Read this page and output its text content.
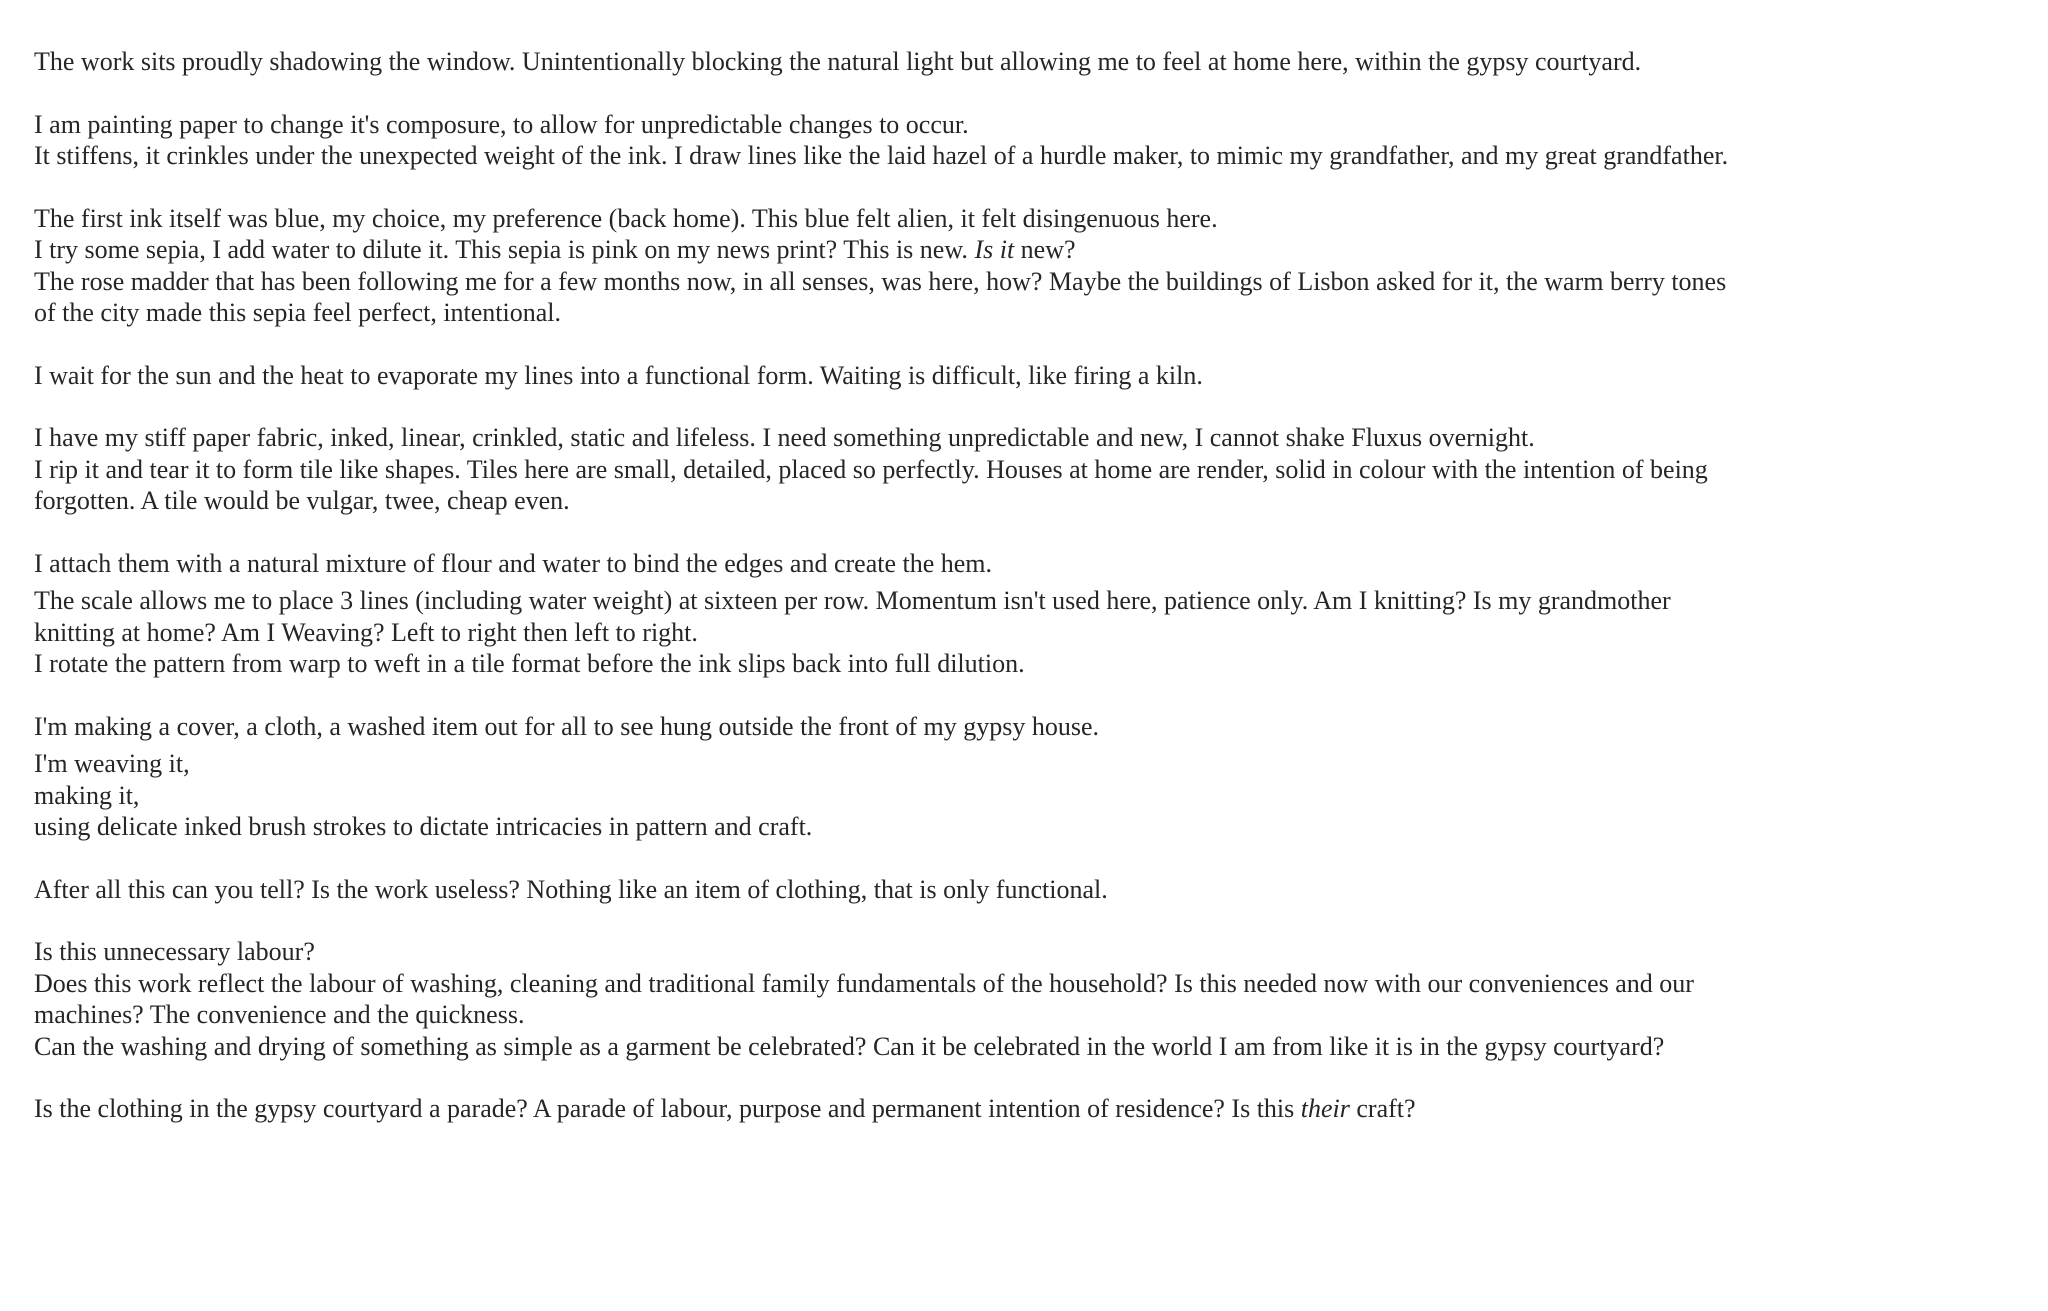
The work sits proudly shadowing the window. Unintentionally blocking the natural light but allowing me to feel at home here, within the gypsy courtyard.

I am painting paper to change it's composure, to allow for unpredictable changes to occur.
It stiffens, it crinkles under the unexpected weight of the ink. I draw lines like the laid hazel of a hurdle maker, to mimic my grandfather, and my great grandfather.

The first ink itself was blue, my choice, my preference (back home). This blue felt alien, it felt disingenuous here.
I try some sepia, I add water to dilute it. This sepia is pink on my news print? This is new. Is it new?
The rose madder that has been following me for a few months now, in all senses, was here, how? Maybe the buildings of Lisbon asked for it, the warm berry tones of the city made this sepia feel perfect, intentional.

I wait for the sun and the heat to evaporate my lines into a functional form. Waiting is difficult, like firing a kiln.

I have my stiff paper fabric, inked, linear, crinkled, static and lifeless. I need something unpredictable and new, I cannot shake Fluxus overnight.
I rip it and tear it to form tile like shapes. Tiles here are small, detailed, placed so perfectly. Houses at home are render, solid in colour with the intention of being forgotten. A tile would be vulgar, twee, cheap even.

I attach them with a natural mixture of flour and water to bind the edges and create the hem.

The scale allows me to place 3 lines (including water weight) at sixteen per row. Momentum isn't used here, patience only. Am I knitting? Is my grandmother knitting at home? Am I Weaving? Left to right then left to right.
I rotate the pattern from warp to weft in a tile format before the ink slips back into full dilution.

I'm making a cover, a cloth, a washed item out for all to see hung outside the front of my gypsy house.

I'm weaving it,
making it,
using delicate inked brush strokes to dictate intricacies in pattern and craft.

After all this can you tell? Is the work useless? Nothing like an item of clothing, that is only functional.

Is this unnecessary labour?
Does this work reflect the labour of washing, cleaning and traditional family fundamentals of the household? Is this needed now with our conveniences and our machines? The convenience and the quickness.
Can the washing and drying of something as simple as a garment be celebrated? Can it be celebrated in the world I am from like it is in the gypsy courtyard?

Is the clothing in the gypsy courtyard a parade? A parade of labour, purpose and permanent intention of residence? Is this their craft?
